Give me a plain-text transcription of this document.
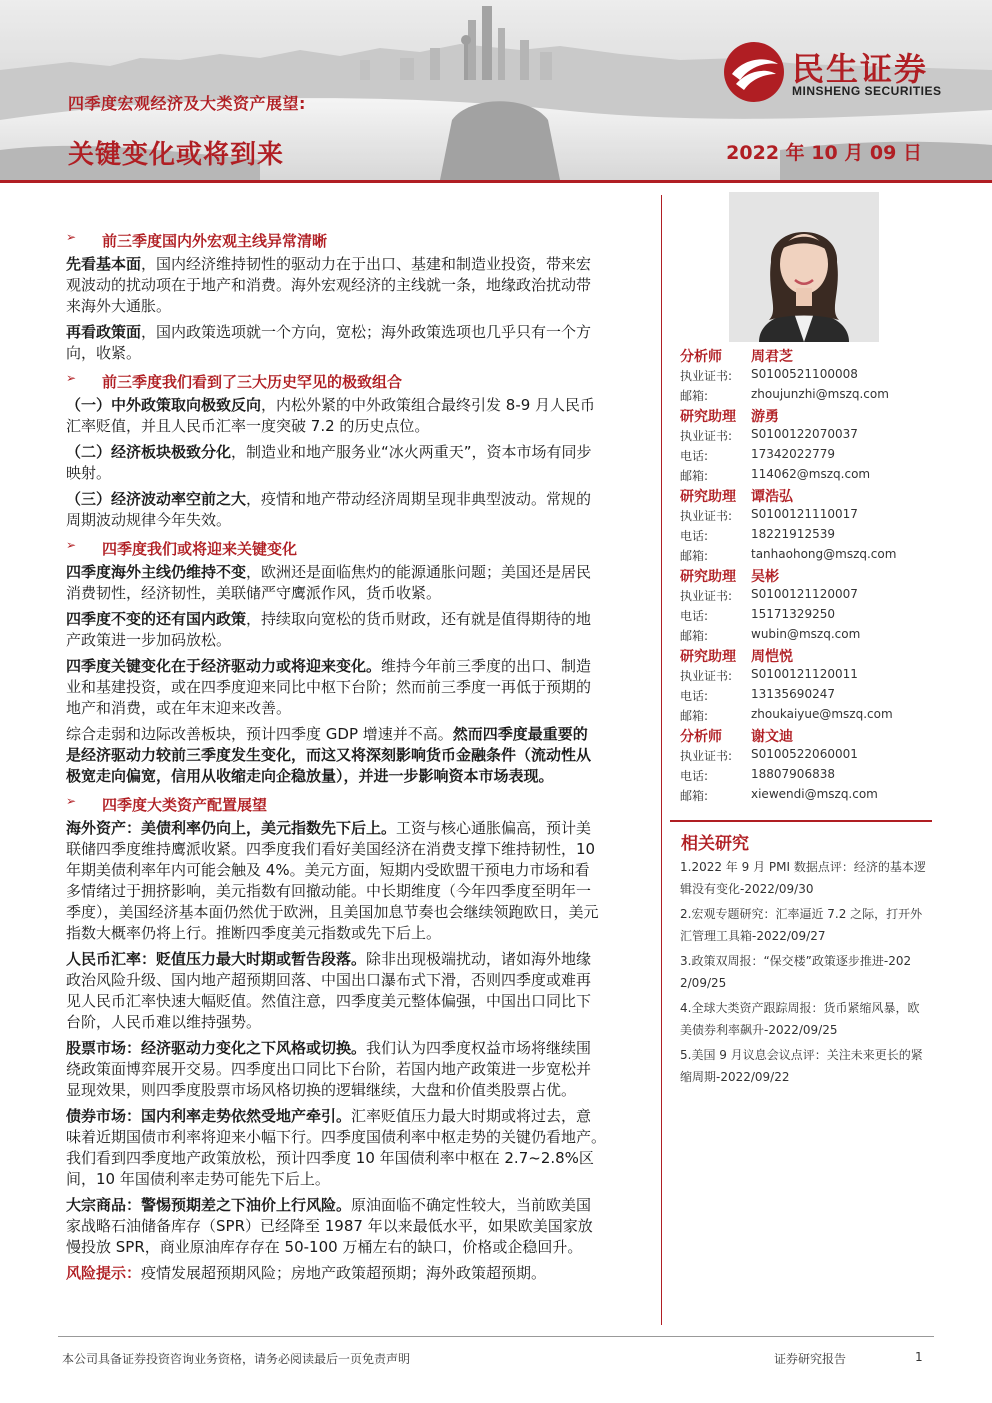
四季度宏观经济及大类资产展望:
关键变化或将到来	2022 年 10 月 09 日
民生证券
MINSHENG SECURITIES
➢ 前三季度国内外宏观主线异常清晰
先看基本面，国内经济维持韧性的驱动力在于出口、基建和制造业投资，带来宏
观波动的扰动项在于地产和消费。海外宏观经济的主线就一条，地缘政治扰动带
来海外大通胀。
再看政策面，国内政策选项就一个方向，宽松；海外政策选项也几乎只有一个方
向，收紧。
➢ 前三季度我们看到了三大历史罕见的极致组合
（一）中外政策取向极致反向，内松外紧的中外政策组合最终引发 8-9 月人民币
汇率贬值，并且人民币汇率一度突破 7.2 的历史点位。
（二）经济板块极致分化，制造业和地产服务业“冰火两重天”，资本市场有同步
映射。
（三）经济波动率空前之大，疫情和地产带动经济周期呈现非典型波动。常规的
周期波动规律今年失效。
➢ 四季度我们或将迎来关键变化
四季度海外主线仍维持不变，欧洲还是面临焦灼的能源通胀问题；美国还是居民
消费韧性，经济韧性，美联储严守鹰派作风，货币收紧。
四季度不变的还有国内政策，持续取向宽松的货币财政，还有就是值得期待的地
产政策进一步加码放松。
四季度关键变化在于经济驱动力或将迎来变化。维持今年前三季度的出口、制造
业和基建投资，或在四季度迎来同比中枢下台阶；然而前三季度一再低于预期的
地产和消费，或在年末迎来改善。
综合走弱和边际改善板块，预计四季度 GDP 增速并不高。然而四季度最重要的
是经济驱动力较前三季度发生变化，而这又将深刻影响货币金融条件（流动性从
极宽走向偏宽，信用从收缩走向企稳放量），并进一步影响资本市场表现。
➢ 四季度大类资产配置展望
海外资产：美债利率仍向上，美元指数先下后上。工资与核心通胀偏高，预计美
联储四季度维持鹰派收紧。四季度我们看好美国经济在消费支撑下维持韧性，10
年期美债利率年内可能会触及 4%。美元方面，短期内受欧盟干预电力市场和看
多情绪过于拥挤影响，美元指数有回撤动能。中长期维度（今年四季度至明年一
季度），美国经济基本面仍然优于欧洲，且美国加息节奏也会继续领跑欧日，美元
指数大概率仍将上行。推断四季度美元指数或先下后上。
人民币汇率：贬值压力最大时期或暂告段落。除非出现极端扰动，诸如海外地缘
政治风险升级、国内地产超预期回落、中国出口瀑布式下滑，否则四季度或难再
见人民币汇率快速大幅贬值。然值注意，四季度美元整体偏强，中国出口同比下
台阶，人民币难以维持强势。
股票市场：经济驱动力变化之下风格或切换。我们认为四季度权益市场将继续围
绕政策面博弈展开交易。四季度出口同比下台阶，若国内地产政策进一步宽松并
显现效果，则四季度股票市场风格切换的逻辑继续，大盘和价值类股票占优。
债券市场：国内利率走势依然受地产牵引。汇率贬值压力最大时期或将过去，意
味着近期国债市利率将迎来小幅下行。四季度国债利率中枢走势的关键仍看地产。
我们看到四季度地产政策放松，预计四季度 10 年国债利率中枢在 2.7~2.8%区
间，10 年国债利率走势可能先下后上。
大宗商品：警惕预期差之下油价上行风险。原油面临不确定性较大，当前欧美国
家战略石油储备库存（SPR）已经降至 1987 年以来最低水平，如果欧美国家放
慢投放 SPR，商业原油库存存在 50-100 万桶左右的缺口，价格或企稳回升。
风险提示：疫情发展超预期风险；房地产政策超预期；海外政策超预期。
分析师 周君芝
执业证书: S0100521100008
邮箱:	zhoujunzhi@mszq.com
研究助理 游勇
执业证书: S0100122070037
电话:	17342022779
邮箱:	114062@mszq.com
研究助理 谭浩弘
执业证书: S0100121110017
电话:	18221912539
邮箱:	tanhaohong@mszq.com
研究助理 吴彬
执业证书: S0100121120007
电话:	15171329250
邮箱:	wubin@mszq.com
研究助理 周恺悦
执业证书: S0100121120011
电话:	13135690247
邮箱:	zhoukaiyue@mszq.com
分析师 谢文迪
执业证书: S0100522060001
电话:	18807906838
邮箱:	xiewendi@mszq.com
相关研究
1.2022 年 9 月 PMI 数据点评：经济的基本逻
辑没有变化-2022/09/30
2.宏观专题研究：汇率逼近 7.2 之际，打开外
汇管理工具箱-2022/09/27
3.政策双周报：“保交楼”政策逐步推进-202
2/09/25
4.全球大类资产跟踪周报：货币紧缩风暴，欧
美债券利率飙升-2022/09/25
5.美国 9 月议息会议点评：关注未来更长的紧
缩周期-2022/09/22
本公司具备证券投资咨询业务资格，请务必阅读最后一页免责声明	证券研究报告	1
